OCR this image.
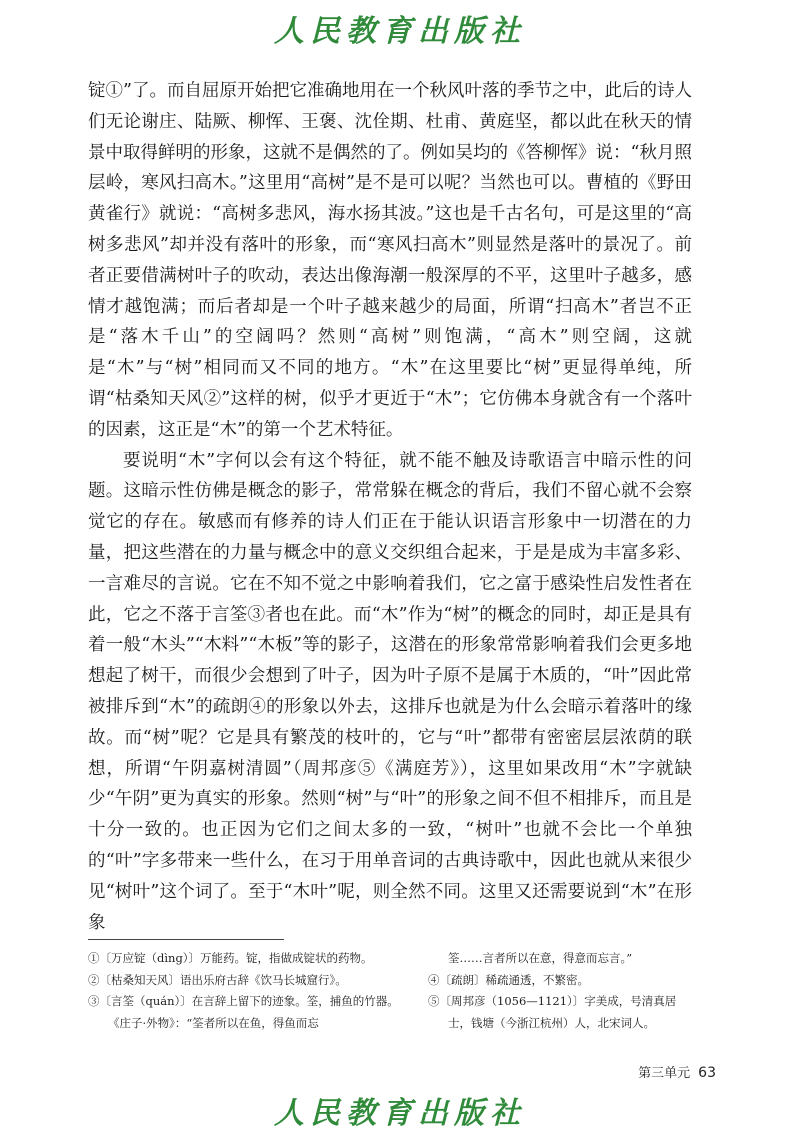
人民教育出版社

锭①”了。而自屈原开始把它准确地用在一个秋风叶落的季节之中，此后的诗人们无论谢庄、陆厥、柳恽、王褒、沈佺期、杜甫、黄庭坚，都以此在秋天的情景中取得鲜明的形象，这就不是偶然的了。例如吴均的《答柳恽》说：“秋月照层岭，寒风扫高木。”这里用“高树”是不是可以呢？当然也可以。曹植的《野田黄雀行》就说：“高树多悲风，海水扬其波。”这也是千古名句，可是这里的“高树多悲风”却并没有落叶的形象，而“寒风扫高木”则显然是落叶的景况了。前者正要借满树叶子的吹动，表达出像海潮一般深厚的不平，这里叶子越多，感情才越饱满；而后者却是一个叶子越来越少的局面，所谓“扫高木”者岂不正是“落木千山”的空阔吗？然则“高树”则饱满，“高木”则空阔，这就是“木”与“树”相同而又不同的地方。“木”在这里要比“树”更显得单纯，所谓“枯桑知天风②”这样的树，似乎才更近于“木”；它仿佛本身就含有一个落叶的因素，这正是“木”的第一个艺术特征。

要说明“木”字何以会有这个特征，就不能不触及诗歌语言中暗示性的问题。这暗示性仿佛是概念的影子，常常躲在概念的背后，我们不留心就不会察觉它的存在。敏感而有修养的诗人们正在于能认识语言形象中一切潜在的力量，把这些潜在的力量与概念中的意义交织组合起来，于是是成为丰富多彩、一言难尽的言说。它在不知不觉之中影响着我们，它之富于感染性启发性者在此，它之不落于言筌③者也在此。而“木”作为“树”的概念的同时，却正是具有着一般“木头”“木料”“木板”等的影子，这潜在的形象常常影响着我们会更多地想起了树干，而很少会想到了叶子，因为叶子原不是属于木质的，“叶”因此常被排斥到“木”的疏朗④的形象以外去，这排斥也就是为什么会暗示着落叶的缘故。而“树”呢？它是具有繁茂的枝叶的，它与“叶”都带有密密层层浓荫的联想，所谓“午阴嘉树清圆”（周邦彦⑤《满庭芳》），这里如果改用“木”字就缺少“午阴”更为真实的形象。然则“树”与“叶”的形象之间不但不相排斥，而且是十分一致的。也正因为它们之间太多的一致，“树叶”也就不会比一个单独的“叶”字多带来一些什么，在习于用单音词的古典诗歌中，因此也就从来很少见“树叶”这个词了。至于“木叶”呢，则全然不同。这里又还需要说到“木”在形象

①〔万应锭（dìng）〕万能药。锭，指做成锭状的药物。
②〔枯桑知天风〕语出乐府古辞《饮马长城窟行》。
③〔言筌（quán）〕在言辞上留下的迹象。筌，捕鱼的竹器。《庄子·外物》：“筌者所以在鱼，得鱼而忘
筌……言者所以在意，得意而忘言。”
④〔疏朗〕稀疏通透，不繁密。
⑤〔周邦彦（1056—1121）〕字美成，号清真居士，钱塘（今浙江杭州）人，北宋词人。
第三单元 63
人民教育出版社
